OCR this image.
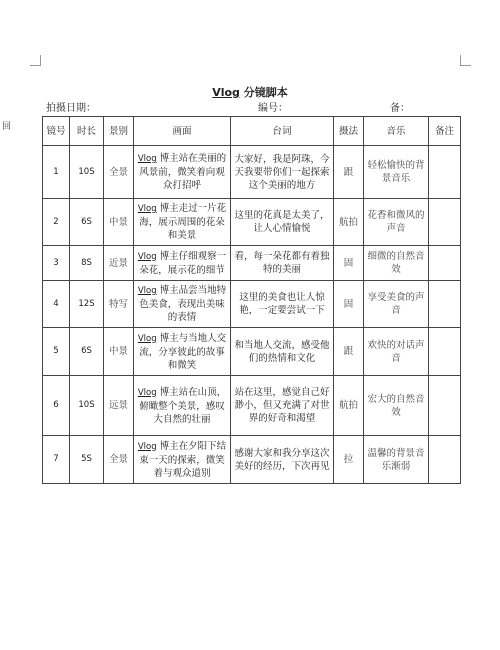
回
Vlog 分镜脚本
拍摄日期：	编号：	备：
镜号	时长	景别	画面	台词	摄法	音乐	备注
1	10S	全景	Vlog 博主站在美丽的风景前，微笑着向观众打招呼	大家好，我是阿珠，今天我要带你们一起探索这个美丽的地方	跟	轻松愉快的背景音乐	
2	6S	中景	Vlog 博主走过一片花海，展示周围的花朵和美景	这里的花真是太美了，让人心情愉悦	航拍	花香和微风的声音	
3	8S	近景	Vlog 博主仔细观察一朵花，展示花的细节	看，每一朵花都有着独特的美丽	固	细微的自然音效	
4	12S	特写	Vlog 博主品尝当地特色美食，表现出美味的表情	这里的美食也让人惊艳，一定要尝试一下	固	享受美食的声音	
5	6S	中景	Vlog 博主与当地人交流，分享彼此的故事和微笑	和当地人交流，感受他们的热情和文化	跟	欢快的对话声音	
6	10S	远景	Vlog 博主站在山顶，俯瞰整个美景，感叹大自然的壮丽	站在这里，感觉自己好渺小，但又充满了对世界的好奇和渴望	航拍	宏大的自然音效	
7	5S	全景	Vlog 博主在夕阳下结束一天的探索，微笑着与观众道别	感谢大家和我分享这次美好的经历，下次再见	拉	温馨的背景音乐渐弱	
